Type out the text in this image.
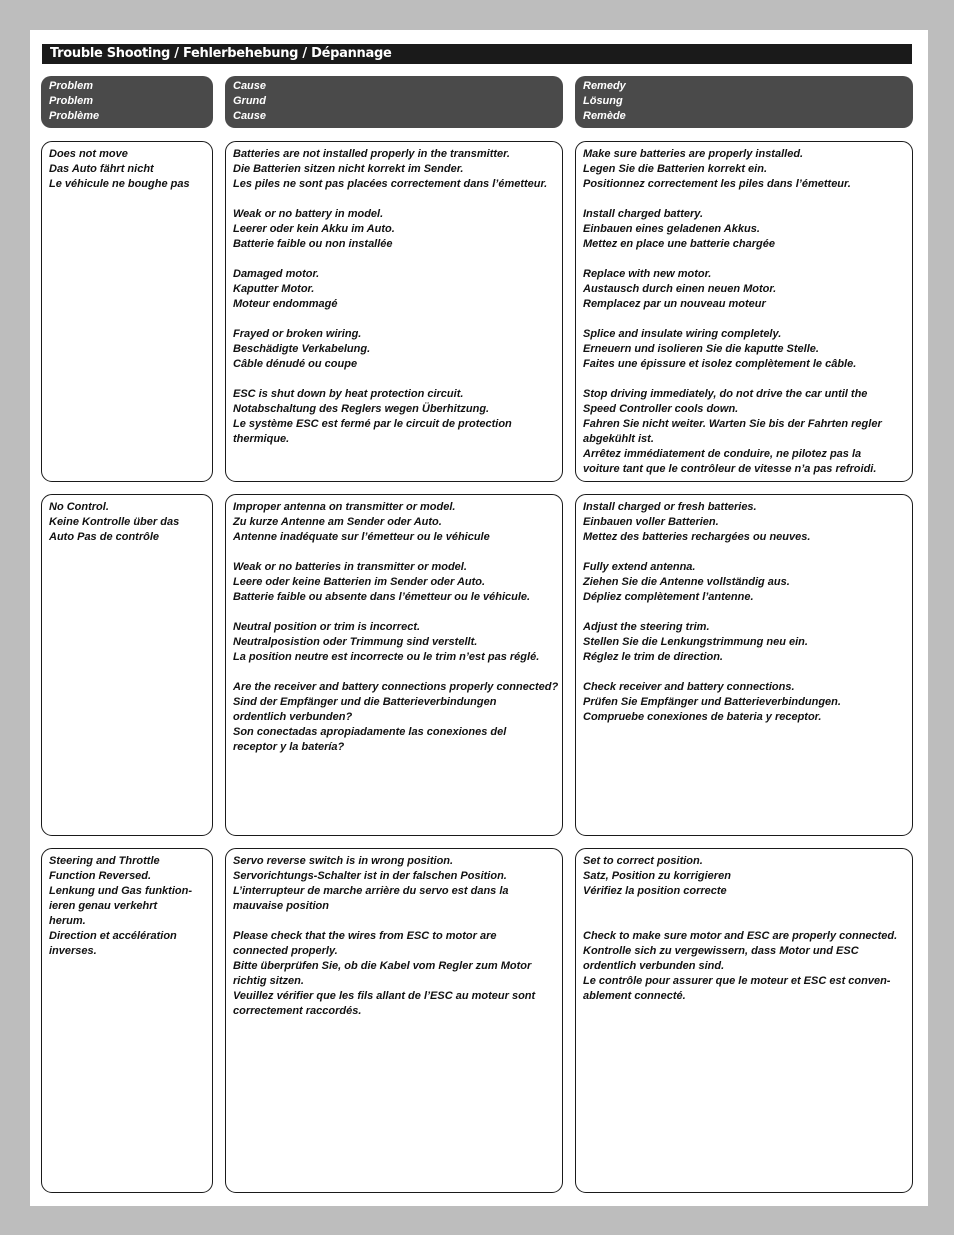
Trouble Shooting / Fehlerbehebung / Dépannage
Problem
Problem
Problème
Cause
Grund
Cause
Remedy
Lösung
Remède

Does not move
Das Auto fährt nicht
Le véhicule ne boughe pas

Batteries are not installed properly in the transmitter.
Die Batterien sitzen nicht korrekt im Sender.
Les piles ne sont pas placées correctement dans l’émetteur.

Weak or no battery in model.
Leerer oder kein Akku im Auto.
Batterie faible ou non installée

Damaged motor.
Kaputter Motor.
Moteur endommagé

Frayed or broken wiring.
Beschädigte Verkabelung.
Câble dénudé ou coupe

ESC is shut down by heat protection circuit.
Notabschaltung des Reglers wegen Überhitzung.
Le système ESC est fermé par le circuit de protection
thermique.

Make sure batteries are properly installed.
Legen Sie die Batterien korrekt ein.
Positionnez correctement les piles dans l’émetteur.

Install charged battery.
Einbauen eines geladenen Akkus.
Mettez en place une batterie chargée

Replace with new motor.
Austausch durch einen neuen Motor.
Remplacez par un nouveau moteur

Splice and insulate wiring completely.
Erneuern und isolieren Sie die kaputte Stelle.
Faites une épissure et isolez complètement le câble.

Stop driving immediately, do not drive the car until the
Speed Controller cools down.
Fahren Sie nicht weiter. Warten Sie bis der Fahrten regler
abgekühlt ist.
Arrêtez immédiatement de conduire, ne pilotez pas la
voiture tant que le contrôleur de vitesse n’a pas refroidi.

No Control.
Keine Kontrolle über das
Auto Pas de contrôle

Improper antenna on transmitter or model.
Zu kurze Antenne am Sender oder Auto.
Antenne inadéquate sur l’émetteur ou le véhicule

Weak or no batteries in transmitter or model.
Leere oder keine Batterien im Sender oder Auto.
Batterie faible ou absente dans l’émetteur ou le véhicule.

Neutral position or trim is incorrect.
Neutralposistion oder Trimmung sind verstellt.
La position neutre est incorrecte ou le trim n’est pas réglé.

Are the receiver and battery connections properly connected?
Sind der Empfänger und die Batterieverbindungen
ordentlich verbunden?
Son conectadas apropiadamente las conexiones del
receptor y la batería?

Install charged or fresh batteries.
Einbauen voller Batterien.
Mettez des batteries rechargées ou neuves.

Fully extend antenna.
Ziehen Sie die Antenne vollständig aus.
Dépliez complètement l’antenne.

Adjust the steering trim.
Stellen Sie die Lenkungstrimmung neu ein.
Réglez le trim de direction.

Check receiver and battery connections.
Prüfen Sie Empfänger und Batterieverbindungen.
Compruebe conexiones de bateria y receptor.

Steering and Throttle
Function Reversed.
Lenkung und Gas funktion-
ieren genau verkehrt
herum.
Direction et accélération
inverses.

Servo reverse switch is in wrong position.
Servorichtungs-Schalter ist in der falschen Position.
L’interrupteur de marche arrière du servo est dans la
mauvaise position

Please check that the wires from ESC to motor are
connected properly.
Bitte überprüfen Sie, ob die Kabel vom Regler zum Motor
richtig sitzen.
Veuillez vérifier que les fils allant de l’ESC au moteur sont
correctement raccordés.

Set to correct position.
Satz, Position zu korrigieren
Vérifiez la position correcte

Check to make sure motor and ESC are properly connected.
Kontrolle sich zu vergewissern, dass Motor und ESC
ordentlich verbunden sind.
Le contrôle pour assurer que le moteur et ESC est conven-
ablement connecté.
